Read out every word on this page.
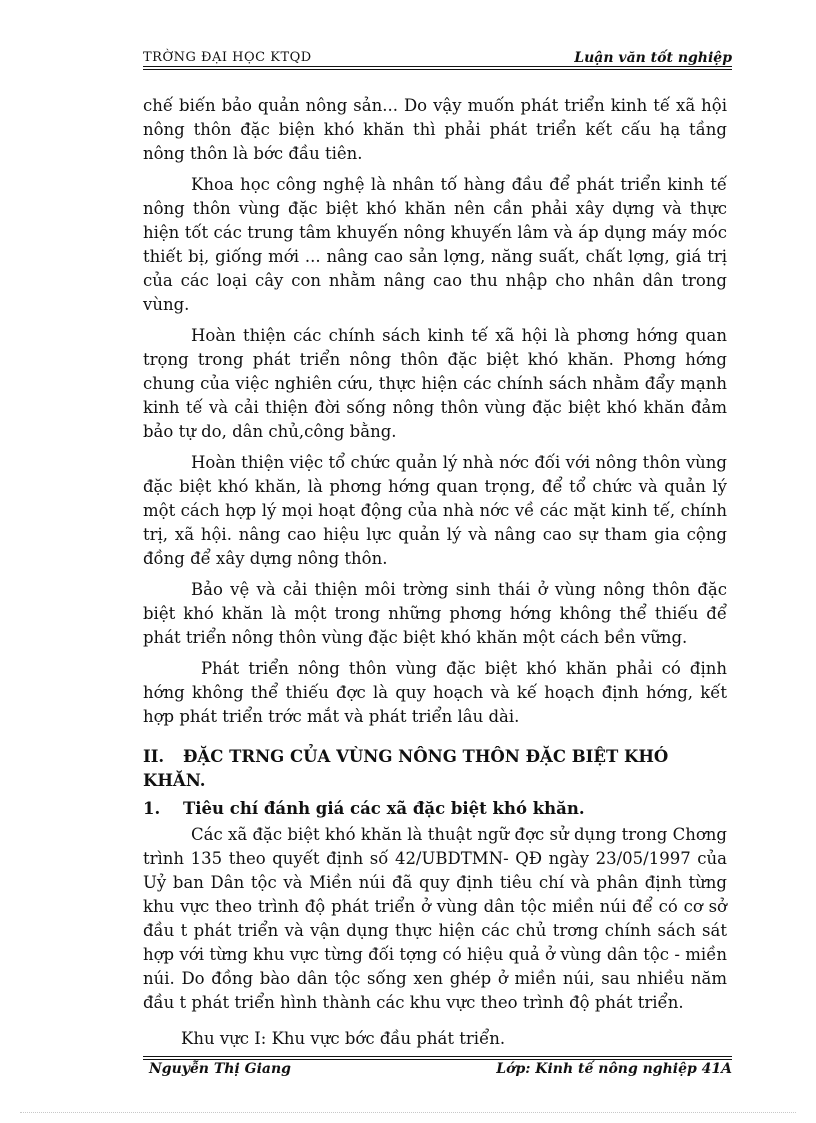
TRỜNG ĐẠI HỌC KTQD	Luận văn tốt nghiệp

chế biến bảo quản nông sản... Do vậy muốn phát triển kinh tế xã hội nông thôn đặc biện khó khăn thì phải phát triển kết cấu hạ tầng nông thôn là bớc đầu tiên.

Khoa học công nghệ là nhân tố hàng đầu để phát triển kinh tế nông thôn vùng đặc biệt khó khăn nên cần phải xây dựng và thực hiện tốt các trung tâm khuyến nông khuyến lâm và áp dụng máy móc thiết bị, giống mới ... nâng cao sản lợng, năng suất, chất lợng, giá trị của các loại cây con nhằm nâng cao thu nhập cho nhân dân trong vùng.

Hoàn thiện các chính sách kinh tế xã hội là phơng hớng quan trọng trong phát triển nông thôn đặc biệt khó khăn. Phơng hớng chung của việc nghiên cứu, thực hiện các chính sách nhằm đẩy mạnh kinh tế và cải thiện đời sống nông thôn vùng đặc biệt khó khăn đảm bảo tự do, dân chủ,công bằng.

Hoàn thiện việc tổ chức quản lý nhà nớc đối với nông thôn vùng đặc biệt khó khăn, là phơng hớng quan trọng, để tổ chức và quản lý một cách hợp lý mọi hoạt động của nhà nớc về các mặt kinh tế, chính trị, xã hội. nâng cao hiệu lực quản lý và nâng cao sự tham gia cộng đồng để xây dựng nông thôn.

Bảo vệ và cải thiện môi trờng sinh thái ở vùng nông thôn đặc biệt khó khăn là một trong những phơng hớng không thể thiếu để phát triển nông thôn vùng đặc biệt khó khăn một cách bền vững.

Phát triển nông thôn vùng đặc biệt khó khăn phải có định hớng không thể thiếu đợc là quy hoạch và kế hoạch định hớng, kết hợp phát triển trớc mắt và phát triển lâu dài.

II. ĐẶC TRNG CỦA VÙNG NÔNG THÔN ĐẶC BIỆT KHÓ KHĂN.
1. Tiêu chí đánh giá các xã đặc biệt khó khăn.

Các xã đặc biệt khó khăn là thuật ngữ đợc sử dụng trong Chơng trình 135 theo quyết định số 42/UBDTMN- QĐ ngày 23/05/1997 của Uỷ ban Dân tộc và Miền núi đã quy định tiêu chí và phân định từng khu vực theo trình độ phát triển ở vùng dân tộc miền núi để có cơ sở đầu t phát triển và vận dụng thực hiện các chủ trơng chính sách sát hợp với từng khu vực từng đối tợng có hiệu quả ở vùng dân tộc - miền núi. Do đồng bào dân tộc sống xen ghép ở miền núi, sau nhiều năm đầu t phát triển hình thành các khu vực theo trình độ phát triển.

Khu vực I: Khu vực bớc đầu phát triển.

Nguyễn Thị Giang	Lớp: Kinh tế nông nghiệp 41A
